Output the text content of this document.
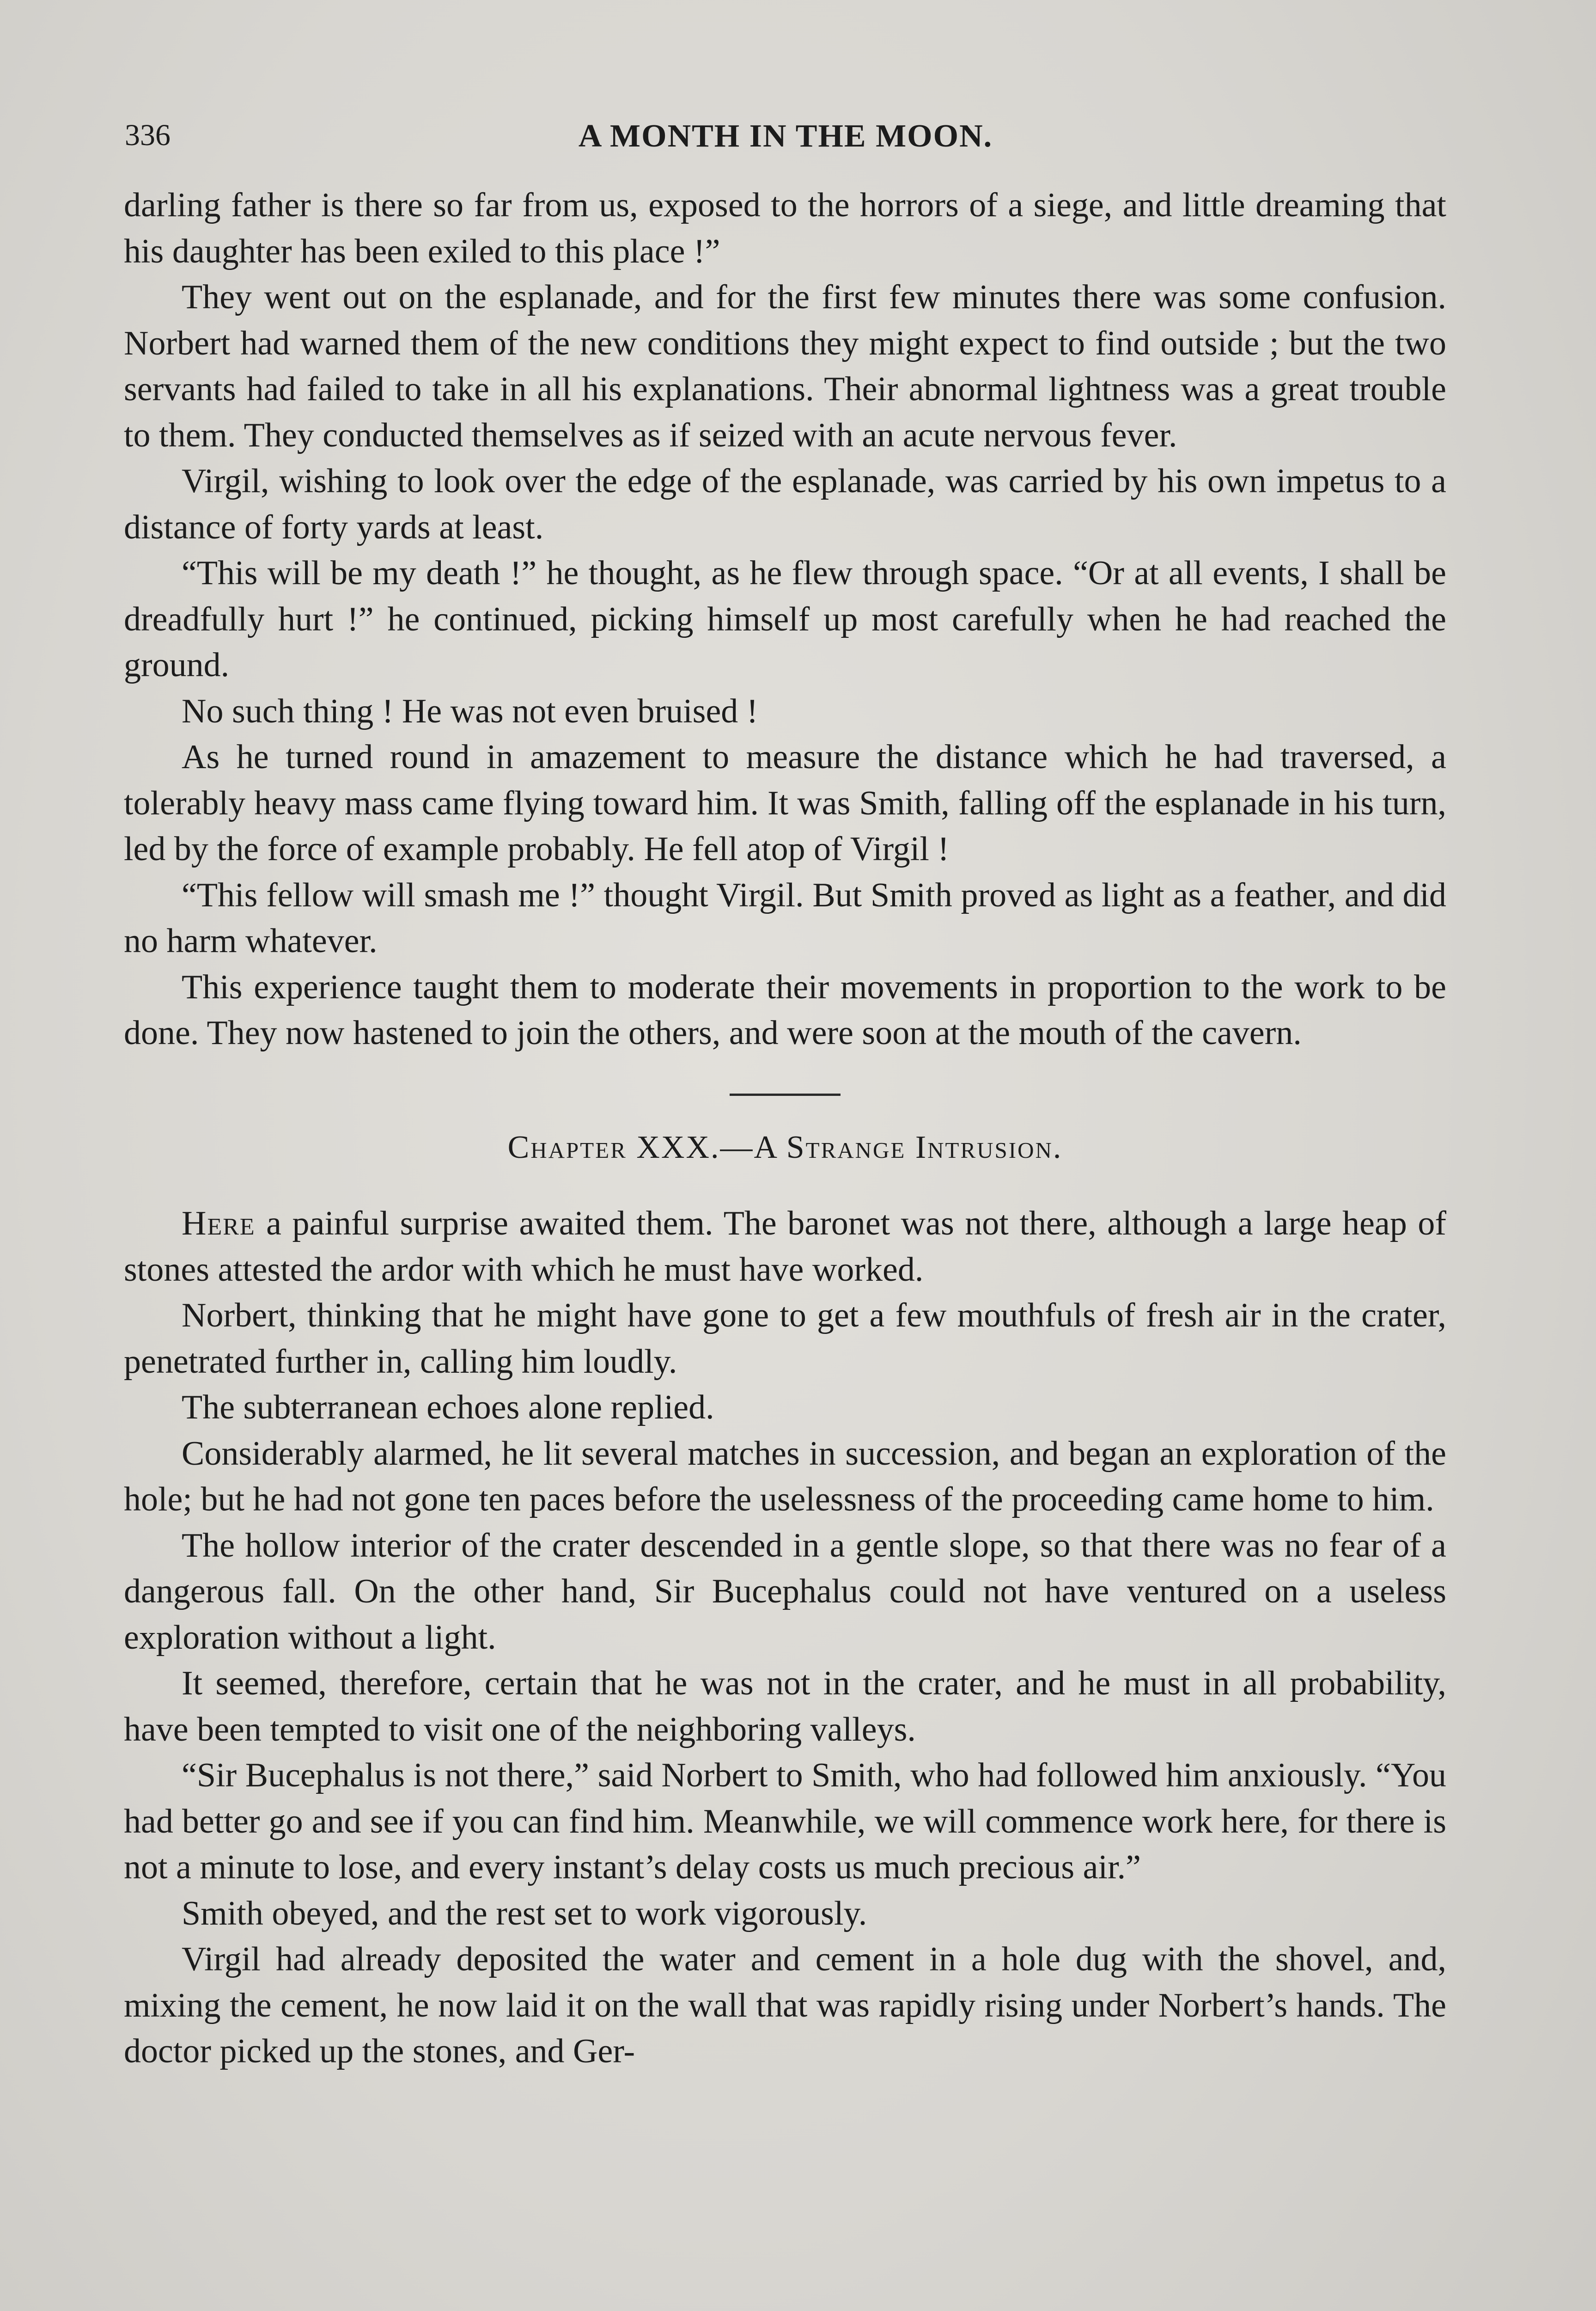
336	A MONTH IN THE MOON.

darling father is there so far from us, exposed to the horrors of a siege, and little dreaming that his daughter has been exiled to this place !”

They went out on the esplanade, and for the first few minutes there was some confusion. Norbert had warned them of the new conditions they might expect to find outside ; but the two servants had failed to take in all his explanations. Their abnormal lightness was a great trouble to them. They conducted themselves as if seized with an acute nervous fever.

Virgil, wishing to look over the edge of the esplanade, was carried by his own impetus to a distance of forty yards at least.

“This will be my death !” he thought, as he flew through space. “Or at all events, I shall be dreadfully hurt !” he continued, picking himself up most carefully when he had reached the ground.

No such thing ! He was not even bruised !

As he turned round in amazement to measure the distance which he had traversed, a tolerably heavy mass came flying toward him. It was Smith, falling off the esplanade in his turn, led by the force of example probably. He fell atop of Virgil !

“This fellow will smash me !” thought Virgil. But Smith proved as light as a feather, and did no harm whatever.

This experience taught them to moderate their movements in proportion to the work to be done. They now hastened to join the others, and were soon at the mouth of the cavern.

Chapter XXX.—A Strange Intrusion.

Here a painful surprise awaited them. The baronet was not there, although a large heap of stones attested the ardor with which he must have worked.

Norbert, thinking that he might have gone to get a few mouthfuls of fresh air in the crater, penetrated further in, calling him loudly.

The subterranean echoes alone replied.

Considerably alarmed, he lit several matches in succession, and began an exploration of the hole; but he had not gone ten paces before the uselessness of the proceeding came home to him.

The hollow interior of the crater descended in a gentle slope, so that there was no fear of a dangerous fall. On the other hand, Sir Bucephalus could not have ventured on a useless exploration without a light.

It seemed, therefore, certain that he was not in the crater, and he must in all probability, have been tempted to visit one of the neighboring valleys.

“Sir Bucephalus is not there,” said Norbert to Smith, who had followed him anxiously. “You had better go and see if you can find him. Meanwhile, we will commence work here, for there is not a minute to lose, and every instant’s delay costs us much precious air.”

Smith obeyed, and the rest set to work vigorously.

Virgil had already deposited the water and cement in a hole dug with the shovel, and, mixing the cement, he now laid it on the wall that was rapidly rising under Norbert’s hands. The doctor picked up the stones, and Ger-
